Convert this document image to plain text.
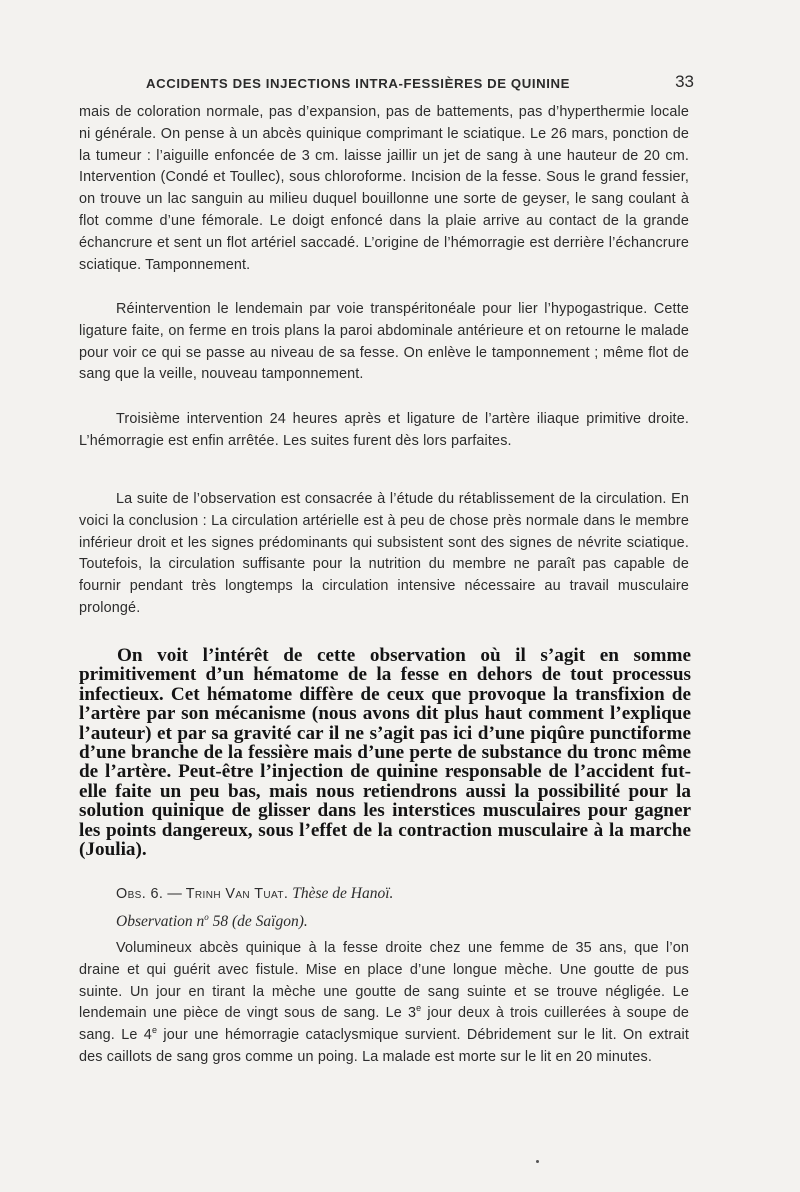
ACCIDENTS DES INJECTIONS INTRA-FESSIÈRES DE QUININE	33

mais de coloration normale, pas d’expansion, pas de battements, pas d’hyperthermie locale ni générale. On pense à un abcès quinique comprimant le sciatique. Le 26 mars, ponction de la tumeur : l’aiguille enfoncée de 3 cm. laisse jaillir un jet de sang à une hauteur de 20 cm. Intervention (Condé et Toullec), sous chloroforme. Incision de la fesse. Sous le grand fessier, on trouve un lac sanguin au milieu duquel bouillonne une sorte de geyser, le sang coulant à flot comme d’une fémorale. Le doigt enfoncé dans la plaie arrive au contact de la grande échancrure et sent un flot artériel saccadé. L’origine de l’hémorragie est derrière l’échancrure sciatique. Tamponnement.

Réintervention le lendemain par voie transpéritonéale pour lier l’hypogastrique. Cette ligature faite, on ferme en trois plans la paroi abdominale antérieure et on retourne le malade pour voir ce qui se passe au niveau de sa fesse. On enlève le tamponnement ; même flot de sang que la veille, nouveau tamponnement.

Troisième intervention 24 heures après et ligature de l’artère iliaque primitive droite. L’hémorragie est enfin arrêtée. Les suites furent dès lors parfaites.

La suite de l’observation est consacrée à l’étude du rétablissement de la circulation. En voici la conclusion : La circulation artérielle est à peu de chose près normale dans le membre inférieur droit et les signes prédominants qui subsistent sont des signes de névrite sciatique. Toutefois, la circulation suffisante pour la nutrition du membre ne paraît pas capable de fournir pendant très longtemps la circulation intensive nécessaire au travail musculaire prolongé.

On voit l’intérêt de cette observation où il s’agit en somme primitivement d’un hématome de la fesse en dehors de tout processus infectieux. Cet hématome diffère de ceux que provoque la transfixion de l’artère par son mécanisme (nous avons dit plus haut comment l’explique l’auteur) et par sa gravité car il ne s’agit pas ici d’une piqûre punctiforme d’une branche de la fessière mais d’une perte de substance du tronc même de l’artère. Peut-être l’injection de quinine responsable de l’accident fut-elle faite un peu bas, mais nous retiendrons aussi la possibilité pour la solution quinique de glisser dans les interstices musculaires pour gagner les points dangereux, sous l’effet de la contraction musculaire à la marche (Joulia).

Obs. 6. — Trinh Van Tuat. Thèse de Hanoï.
Observation $n^o$ 58 (de Saïgon).

Volumineux abcès quinique à la fesse droite chez une femme de 35 ans, que l’on draine et qui guérit avec fistule. Mise en place d’une longue mèche. Une goutte de pus suinte. Un jour en tirant la mèche une goutte de sang suinte et se trouve négligée. Le lendemain une pièce de vingt sous de sang. Le 3e jour deux à trois cuillerées à soupe de sang. Le 4e jour une hémorragie cataclysmique survient. Débridement sur le lit. On extrait des caillots de sang gros comme un poing. La malade est morte sur le lit en 20 minutes.
